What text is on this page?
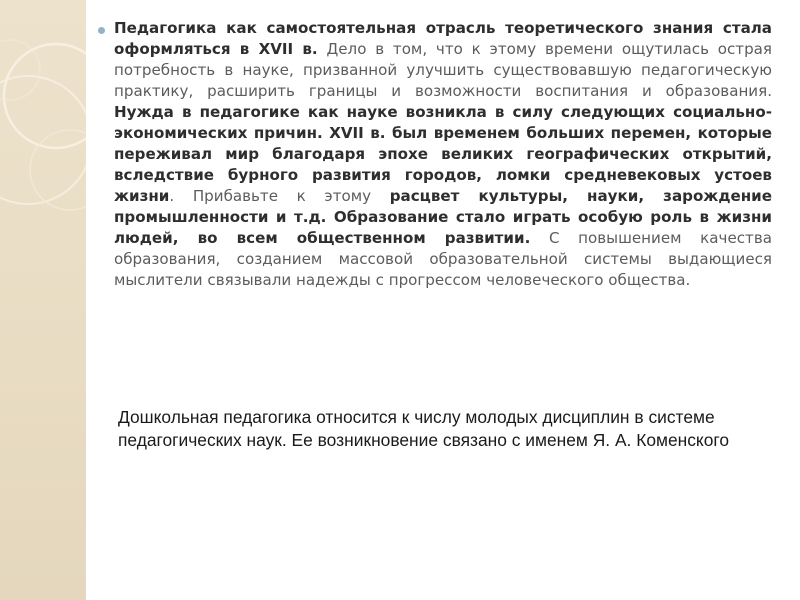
Педагогика как самостоятельная отрасль теоретического знания стала оформляться в XVII в. Дело в том, что к этому времени ощутилась острая потребность в науке, призванной улучшить существовавшую педагогическую практику, расширить границы и возможности воспитания и образования. Нужда в педагогике как науке возникла в силу следующих социально-экономических причин. XVII в. был временем больших перемен, которые переживал мир благодаря эпохе великих географических открытий, вследствие бурного развития городов, ломки средневековых устоев жизни. Прибавьте к этому расцвет культуры, науки, зарождение промышленности и т.д. Образование стало играть особую роль в жизни людей, во всем общественном развитии. С повышением качества образования, созданием массовой образовательной системы выдающиеся мыслители связывали надежды с прогрессом человеческого общества.
Дошкольная педагогика относится к числу молодых дисциплин в системе педагогических наук. Ее возникновение связано с именем Я. А. Коменского
